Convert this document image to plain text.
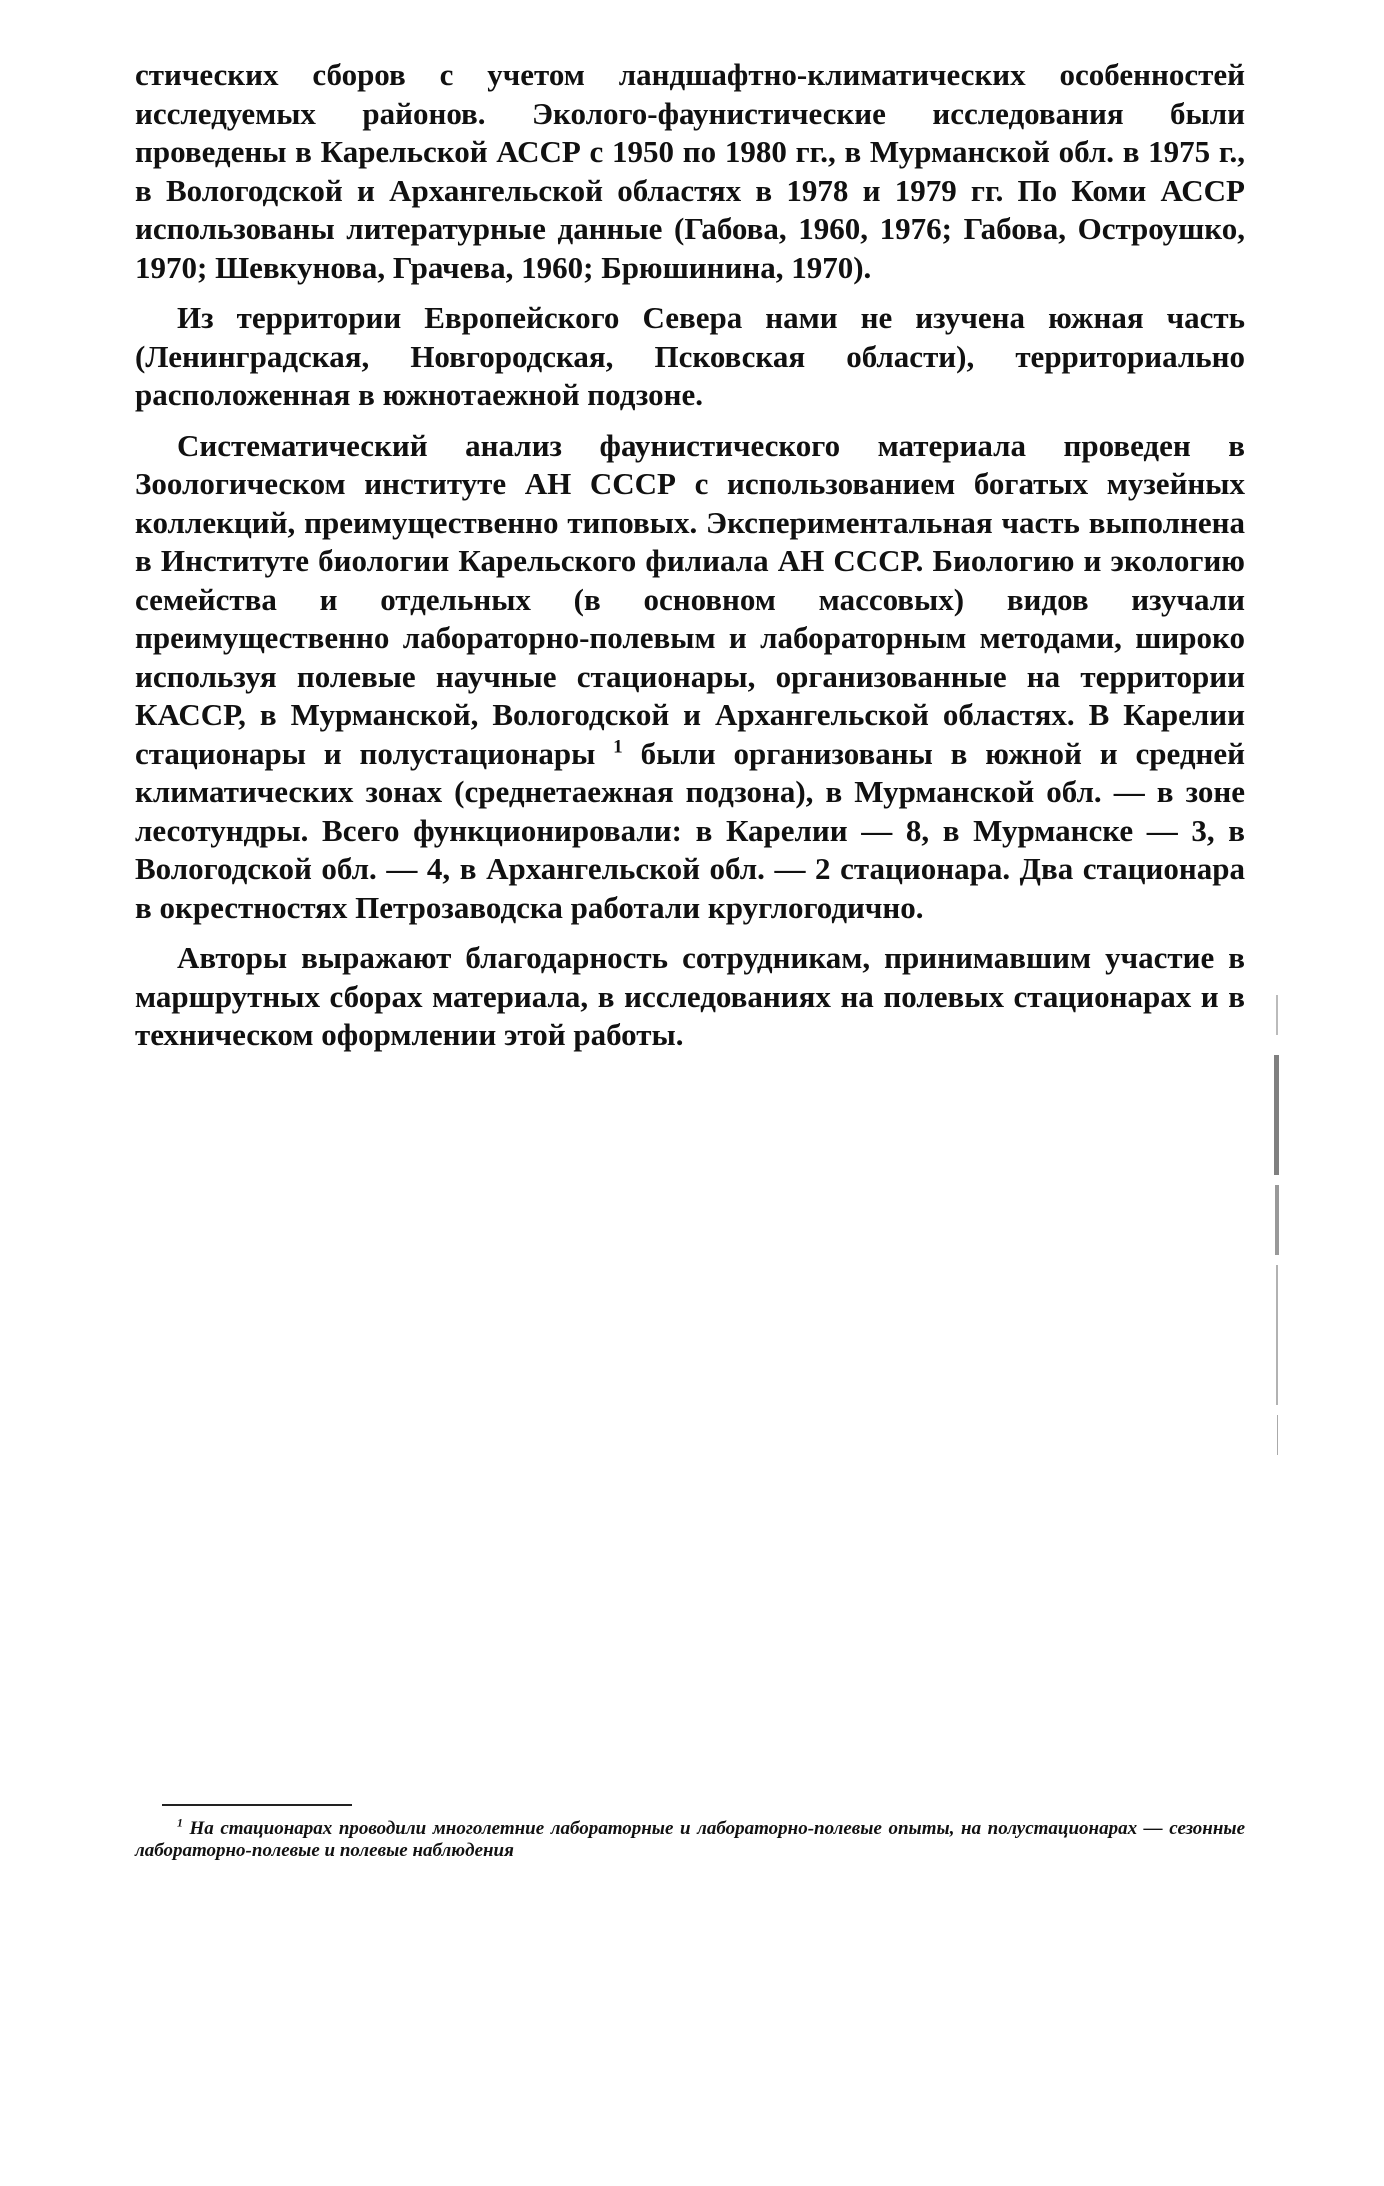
стических сборов с учетом ландшафтно-климатических особенностей исследуемых районов. Эколого-фаунистические исследования были проведены в Карельской АССР с 1950 по 1980 гг., в Мурманской обл. в 1975 г., в Вологодской и Архангельской областях в 1978 и 1979 гг. По Коми АССР использованы литературные данные (Габова, 1960, 1976; Габова, Остроушко, 1970; Шевкунова, Грачева, 1960; Брюшинина, 1970).

Из территории Европейского Севера нами не изучена южная часть (Ленинградская, Новгородская, Псковская области), территориально расположенная в южнотаежной подзоне.

Систематический анализ фаунистического материала проведен в Зоологическом институте АН СССР с использованием богатых музейных коллекций, преимущественно типовых. Экспериментальная часть выполнена в Институте биологии Карельского филиала АН СССР. Биологию и экологию семейства и отдельных (в основном массовых) видов изучали преимущественно лабораторно-полевым и лабораторным методами, широко используя полевые научные стационары, организованные на территории КАССР, в Мурманской, Вологодской и Архангельской областях. В Карелии стационары и полустационары $^1$ были организованы в южной и средней климатических зонах (среднетаежная подзона), в Мурманской обл. — в зоне лесотундры. Всего функционировали: в Карелии — 8, в Мурманске — 3, в Вологодской обл. — 4, в Архангельской обл. — 2 стационара. Два стационара в окрестностях Петрозаводска работали круглогодично.

Авторы выражают благодарность сотрудникам, принимавшим участие в маршрутных сборах материала, в исследованиях на полевых стационарах и в техническом оформлении этой работы.

$^1$ На стационарах проводили многолетние лабораторные и лабораторно-полевые опыты, на полустационарах — сезонные лабораторно-полевые и полевые наблюдения
